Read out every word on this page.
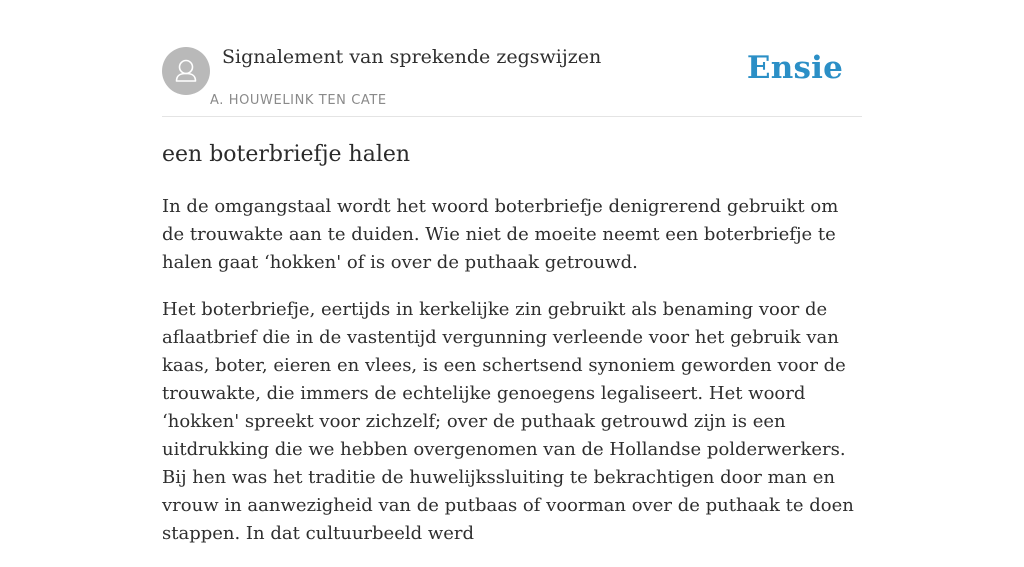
Signalement van sprekende zegswijzen
A. HOUWELINK TEN CATE
Ensie
een boterbriefje halen

In de omgangstaal wordt het woord boterbriefje denigrerend gebruikt om de trouwakte aan te duiden. Wie niet de moeite neemt een boterbriefje te halen gaat ‘hokken' of is over de puthaak getrouwd.

Het boterbriefje, eertijds in kerkelijke zin gebruikt als benaming voor de aflaatbrief die in de vastentijd vergunning verleende voor het gebruik van kaas, boter, eieren en vlees, is een schertsend synoniem geworden voor de trouwakte, die immers de echtelijke genoegens legaliseert. Het woord ‘hokken' spreekt voor zichzelf; over de puthaak getrouwd zijn is een uitdrukking die we hebben overgenomen van de Hollandse polderwerkers. Bij hen was het traditie de huwelijkssluiting te bekrachtigen door man en vrouw in aanwezigheid van de putbaas of voorman over de puthaak te doen stappen. In dat cultuurbeeld werd
